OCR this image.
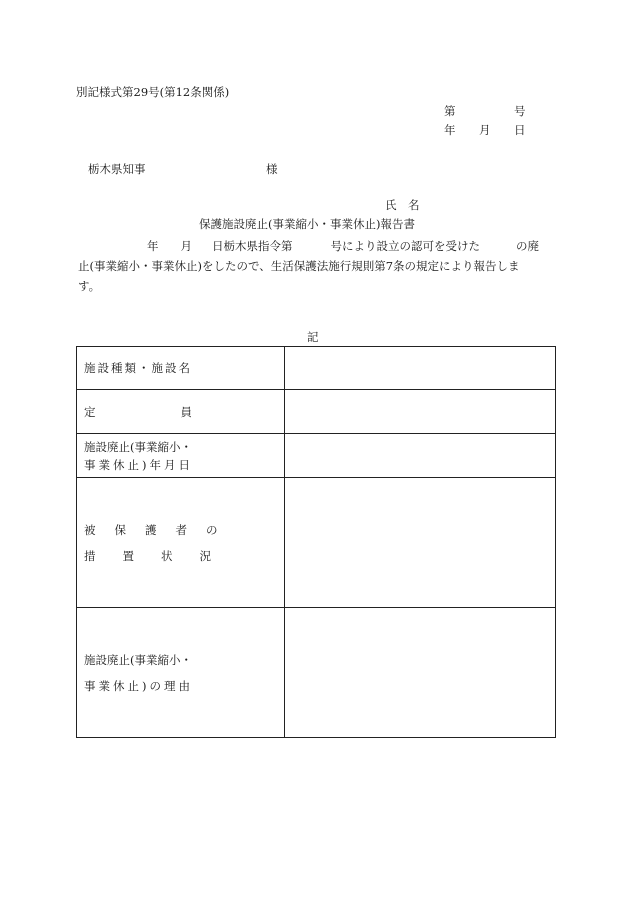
別記様式第29号(第12条関係)
第	号
年 月 日
栃木県知事	様
氏　名
保護施設廃止(事業縮小・事業休止)報告書
年 月 日栃木県指令第	号により設立の認可を受けた	の廃
止(事業縮小・事業休止)をしたので、生活保護法施行規則第7条の規定により報告しま
す。
記
施設種類・施設名	

定員	

施設廃止(事業縮小・
事業休止)年月日	

被保護者の
措置状況	

施設廃止(事業縮小・
事業休止)の理由	
